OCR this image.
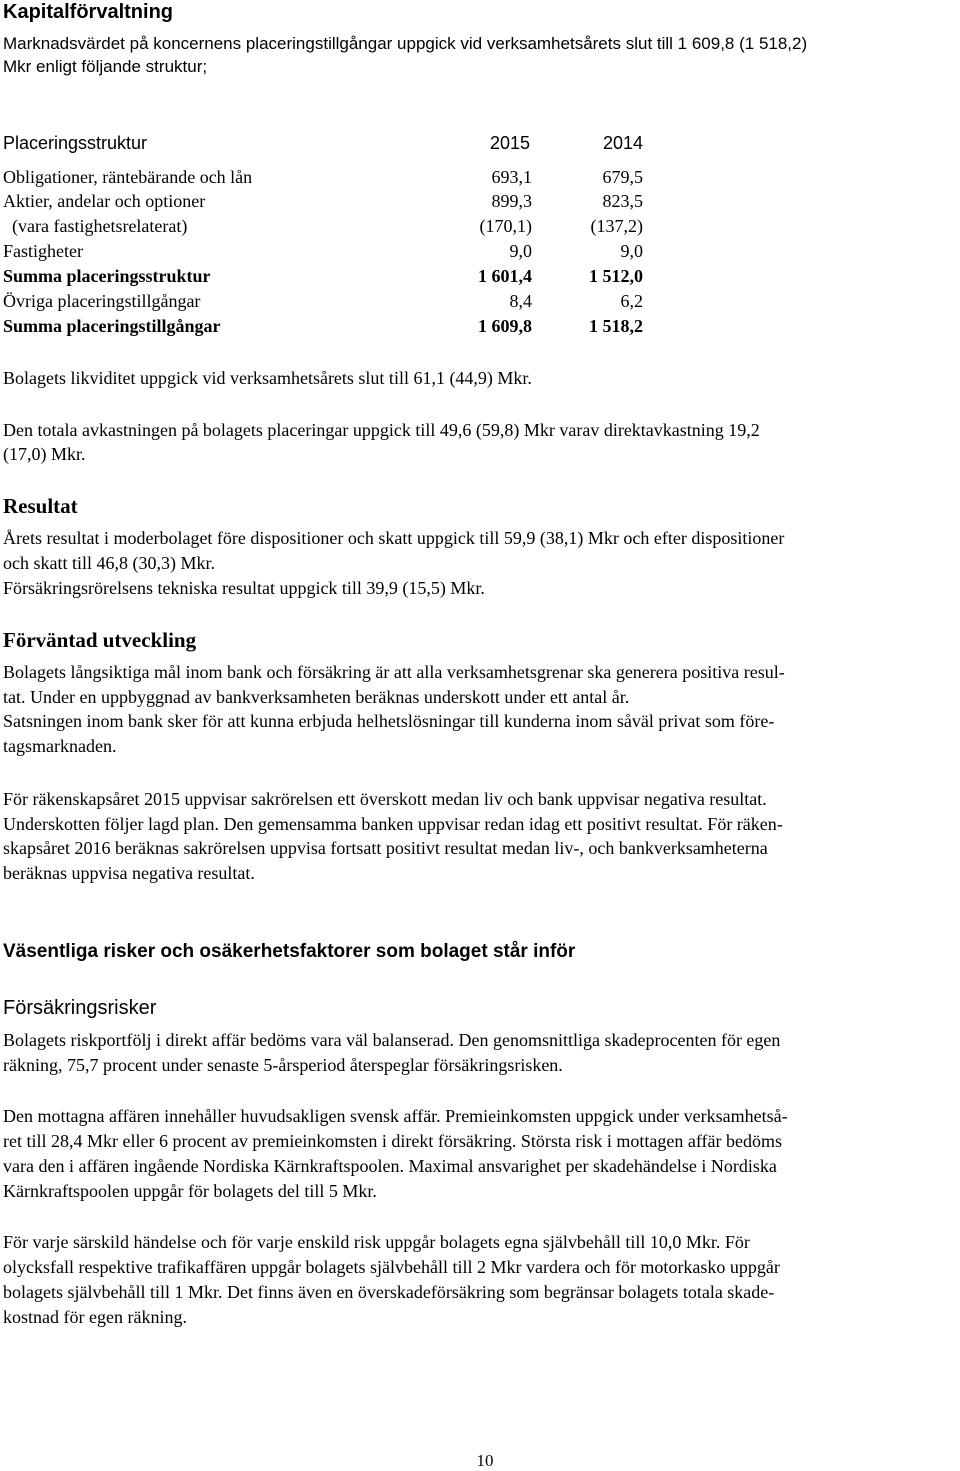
Kapitalförvaltning
Marknadsvärdet på koncernens placeringstillgångar uppgick vid verksamhetsårets slut till 1 609,8 (1 518,2)
Mkr enligt följande struktur;
Placeringsstruktur	2015	2014
Obligationer, räntebärande och lån	693,1	679,5
Aktier, andelar och optioner	899,3	823,5
(vara fastighetsrelaterat)	(170,1)	(137,2)
Fastigheter	9,0	9,0
Summa placeringsstruktur	1 601,4	1 512,0
Övriga placeringstillgångar	8,4	6,2
Summa placeringstillgångar	1 609,8	1 518,2
Bolagets likviditet uppgick vid verksamhetsårets slut till 61,1 (44,9) Mkr.
Den totala avkastningen på bolagets placeringar uppgick till 49,6 (59,8) Mkr varav direktavkastning 19,2
(17,0) Mkr.
Resultat
Årets resultat i moderbolaget före dispositioner och skatt uppgick till 59,9 (38,1) Mkr och efter dispositioner
och skatt till 46,8 (30,3) Mkr.
Försäkringsrörelsens tekniska resultat uppgick till 39,9 (15,5) Mkr.
Förväntad utveckling
Bolagets långsiktiga mål inom bank och försäkring är att alla verksamhetsgrenar ska generera positiva resul-
tat. Under en uppbyggnad av bankverksamheten beräknas underskott under ett antal år.
Satsningen inom bank sker för att kunna erbjuda helhetslösningar till kunderna inom såväl privat som före-
tagsmarknaden.
För räkenskapsåret 2015 uppvisar sakrörelsen ett överskott medan liv och bank uppvisar negativa resultat.
Underskotten följer lagd plan. Den gemensamma banken uppvisar redan idag ett positivt resultat. För räken-
skapsåret 2016 beräknas sakrörelsen uppvisa fortsatt positivt resultat medan liv-, och bankverksamheterna
beräknas uppvisa negativa resultat.
Väsentliga risker och osäkerhetsfaktorer som bolaget står inför
Försäkringsrisker
Bolagets riskportfölj i direkt affär bedöms vara väl balanserad. Den genomsnittliga skadeprocenten för egen
räkning, 75,7 procent under senaste 5-årsperiod återspeglar försäkringsrisken.
Den mottagna affären innehåller huvudsakligen svensk affär. Premieinkomsten uppgick under verksamhetså-
ret till 28,4 Mkr eller 6 procent av premieinkomsten i direkt försäkring. Största risk i mottagen affär bedöms
vara den i affären ingående Nordiska Kärnkraftspoolen. Maximal ansvarighet per skadehändelse i Nordiska
Kärnkraftspoolen uppgår för bolagets del till 5 Mkr.
För varje särskild händelse och för varje enskild risk uppgår bolagets egna självbehåll till 10,0 Mkr. För
olycksfall respektive trafikaffären uppgår bolagets självbehåll till 2 Mkr vardera och för motorkasko uppgår
bolagets självbehåll till 1 Mkr. Det finns även en överskadeförsäkring som begränsar bolagets totala skade-
kostnad för egen räkning.
10
